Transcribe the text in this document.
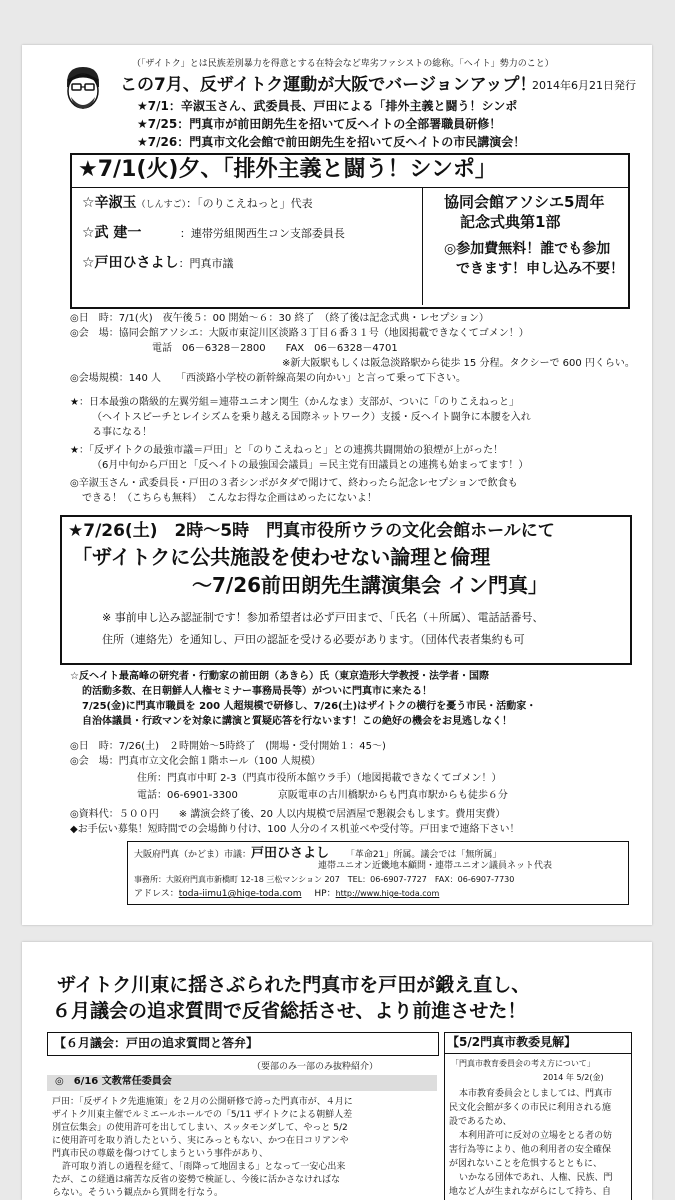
（「ザイトク」とは民族差別暴力を得意とする在特会など卑劣ファシストの総称。「ヘイト」勢力のこと）
この7月、反ザイトク運動が大阪でバージョンアップ！
2014年6月21日発行
★7/1：辛淑玉さん、武委員長、戸田による「排外主義と闘う！シンポ
★7/25：門真市が前田朗先生を招いて反ヘイトの全部署職員研修！
★7/26：門真市文化会館で前田朗先生を招いて反ヘイトの市民講演会！
★7/1(火)夕、「排外主義と闘う！シンポ」
☆辛淑玉（しんすご）：「のりこえねっと」代表
☆武 建一	：連帯労組関西生コン支部委員長
☆戸田ひさよし：門真市議
協同会館アソシエ5周年
記念式典第1部
◎参加費無料！誰でも参加
できます！申し込み不要！
◎日　時：7/1(火)　夜午後５：00 開始～６：30 終了　（終了後は記念式典・レセプション）
◎会　場：協同会館アソシエ：大阪市東淀川区淡路３丁目６番３１号（地図掲載できなくてゴメン！）
電話　06－6328－2800　　FAX　06－6328－4701
※新大阪駅もしくは阪急淡路駅から徒歩 15 分程。タクシーで 600 円くらい。
◎会場規模：140 人　　「西淡路小学校の新幹線高架の向かい」と言って乗って下さい。
★：日本最強の階級的左翼労組＝連帯ユニオン関生（かんなま）支部が、ついに「のりこえねっと」
（ヘイトスピーチとレイシズムを乗り越える国際ネットワーク）支援・反ヘイト闘争に本腰を入れ
る事になる！
★：「反ザイトクの最強市議＝戸田」と「のりこえねっと」との連携共闘開始の狼煙が上がった！
（6月中旬から戸田と「反ヘイトの最強国会議員」＝民主党有田議員との連携も始まってます！）
◎辛淑玉さん・武委員長・戸田の３者シンポがタダで聞けて、終わったら記念レセプションで飲食も
できる！（こちらも無料）　こんなお得な企画はめったにないよ！
★7/26(土)　2時～5時　門真市役所ウラの文化会館ホールにて
「ザイトクに公共施設を使わせない論理と倫理
～7/26前田朗先生講演集会 イン門真」
※ 事前申し込み認証制です！参加希望者は必ず戸田まで、「氏名（＋所属）、電話話番号、
住所（連絡先）を通知し、戸田の認証を受ける必要があります。（団体代表者集約も可
☆反ヘイト最高峰の研究者・行動家の前田朗（あきら）氏（東京造形大学教授・法学者・国際
的活動多数、在日朝鮮人人権セミナー事務局長等）がついに門真市に来たる！
7/25(金)に門真市職員を 200 人超規模で研修し、7/26(土)はザイトクの横行を憂う市民・活動家・
自治体議員・行政マンを対象に講演と質疑応答を行ないます！この絶好の機会をお見逃しなく！
◎日　時：7/26(土)　２時開始～5時終了　(開場・受付開始１：45～)
◎会　場：門真市立文化会館１階ホール（100 人規模）
住所：門真市中町 2-3（門真市役所本館ウラ手）（地図掲載できなくてゴメン！）
電話：06-6901-3300　　　　京阪電車の古川橋駅からも門真市駅からも徒歩６分
◎資料代：５００円　　※ 講演会終了後、20 人以内規模で居酒屋で懇親会もします。費用実費）
◆お手伝い募集！短時間での会場飾り付け、100 人分のイス机並べや受付等。戸田まで連絡下さい！
大阪府門真（かどま）市議：戸田ひさよし 「革命21」所属。議会では「無所属」
連帯ユニオン近畿地本顧問・連帯ユニオン議員ネット代表
事務所：大阪府門真市新橋町 12-18 三松マンション 207　TEL：06-6907-7727　FAX：06-6907-7730
アドレス：toda-iimu1@hige-toda.com HP：http://www.hige-toda.com
ザイトク川東に揺さぶられた門真市を戸田が鍛え直し、
６月議会の追求質問で反省総括させ、より前進させた！
【６月議会：戸田の追求質問と答弁】
（要部のみ一部のみ抜粋紹介）
◎　6/16 文教常任委員会
戸田：「反ザイトク先進施策」を２月の公開研修で誇った門真市が、４月に
ザイトク川東主催でルミエールホールでの「5/11 ザイトクによる朝鮮人差
別宣伝集会」の使用許可を出してしまい、スッタモンダして、やっと 5/2
に使用許可を取り消したという、実にみっともない、かつ在日コリアンや
門真市民の尊厳を傷つけてしまうという事件があり、
許可取り消しの過程を経て、「雨降って地固まる」となって一安心出来
たが、この経過は痛苦な反省の姿勢で検証し、今後に活かさなければな
らない。そういう観点から質問を行なう。
【5/2門真市教委見解】
「門真市教育委員会の考え方について」
2014 年 5/2(金)
本市教育委員会としましては、門真市
民文化会館が多くの市民に利用される施
設であるため、
本利用許可に反対の立場をとる者の妨
害行為等により、他の利用者の安全確保
が図れないことを危惧するとともに、
いかなる団体であれ、人権、民族、門
地など人が生まれながらにして持ち、自
